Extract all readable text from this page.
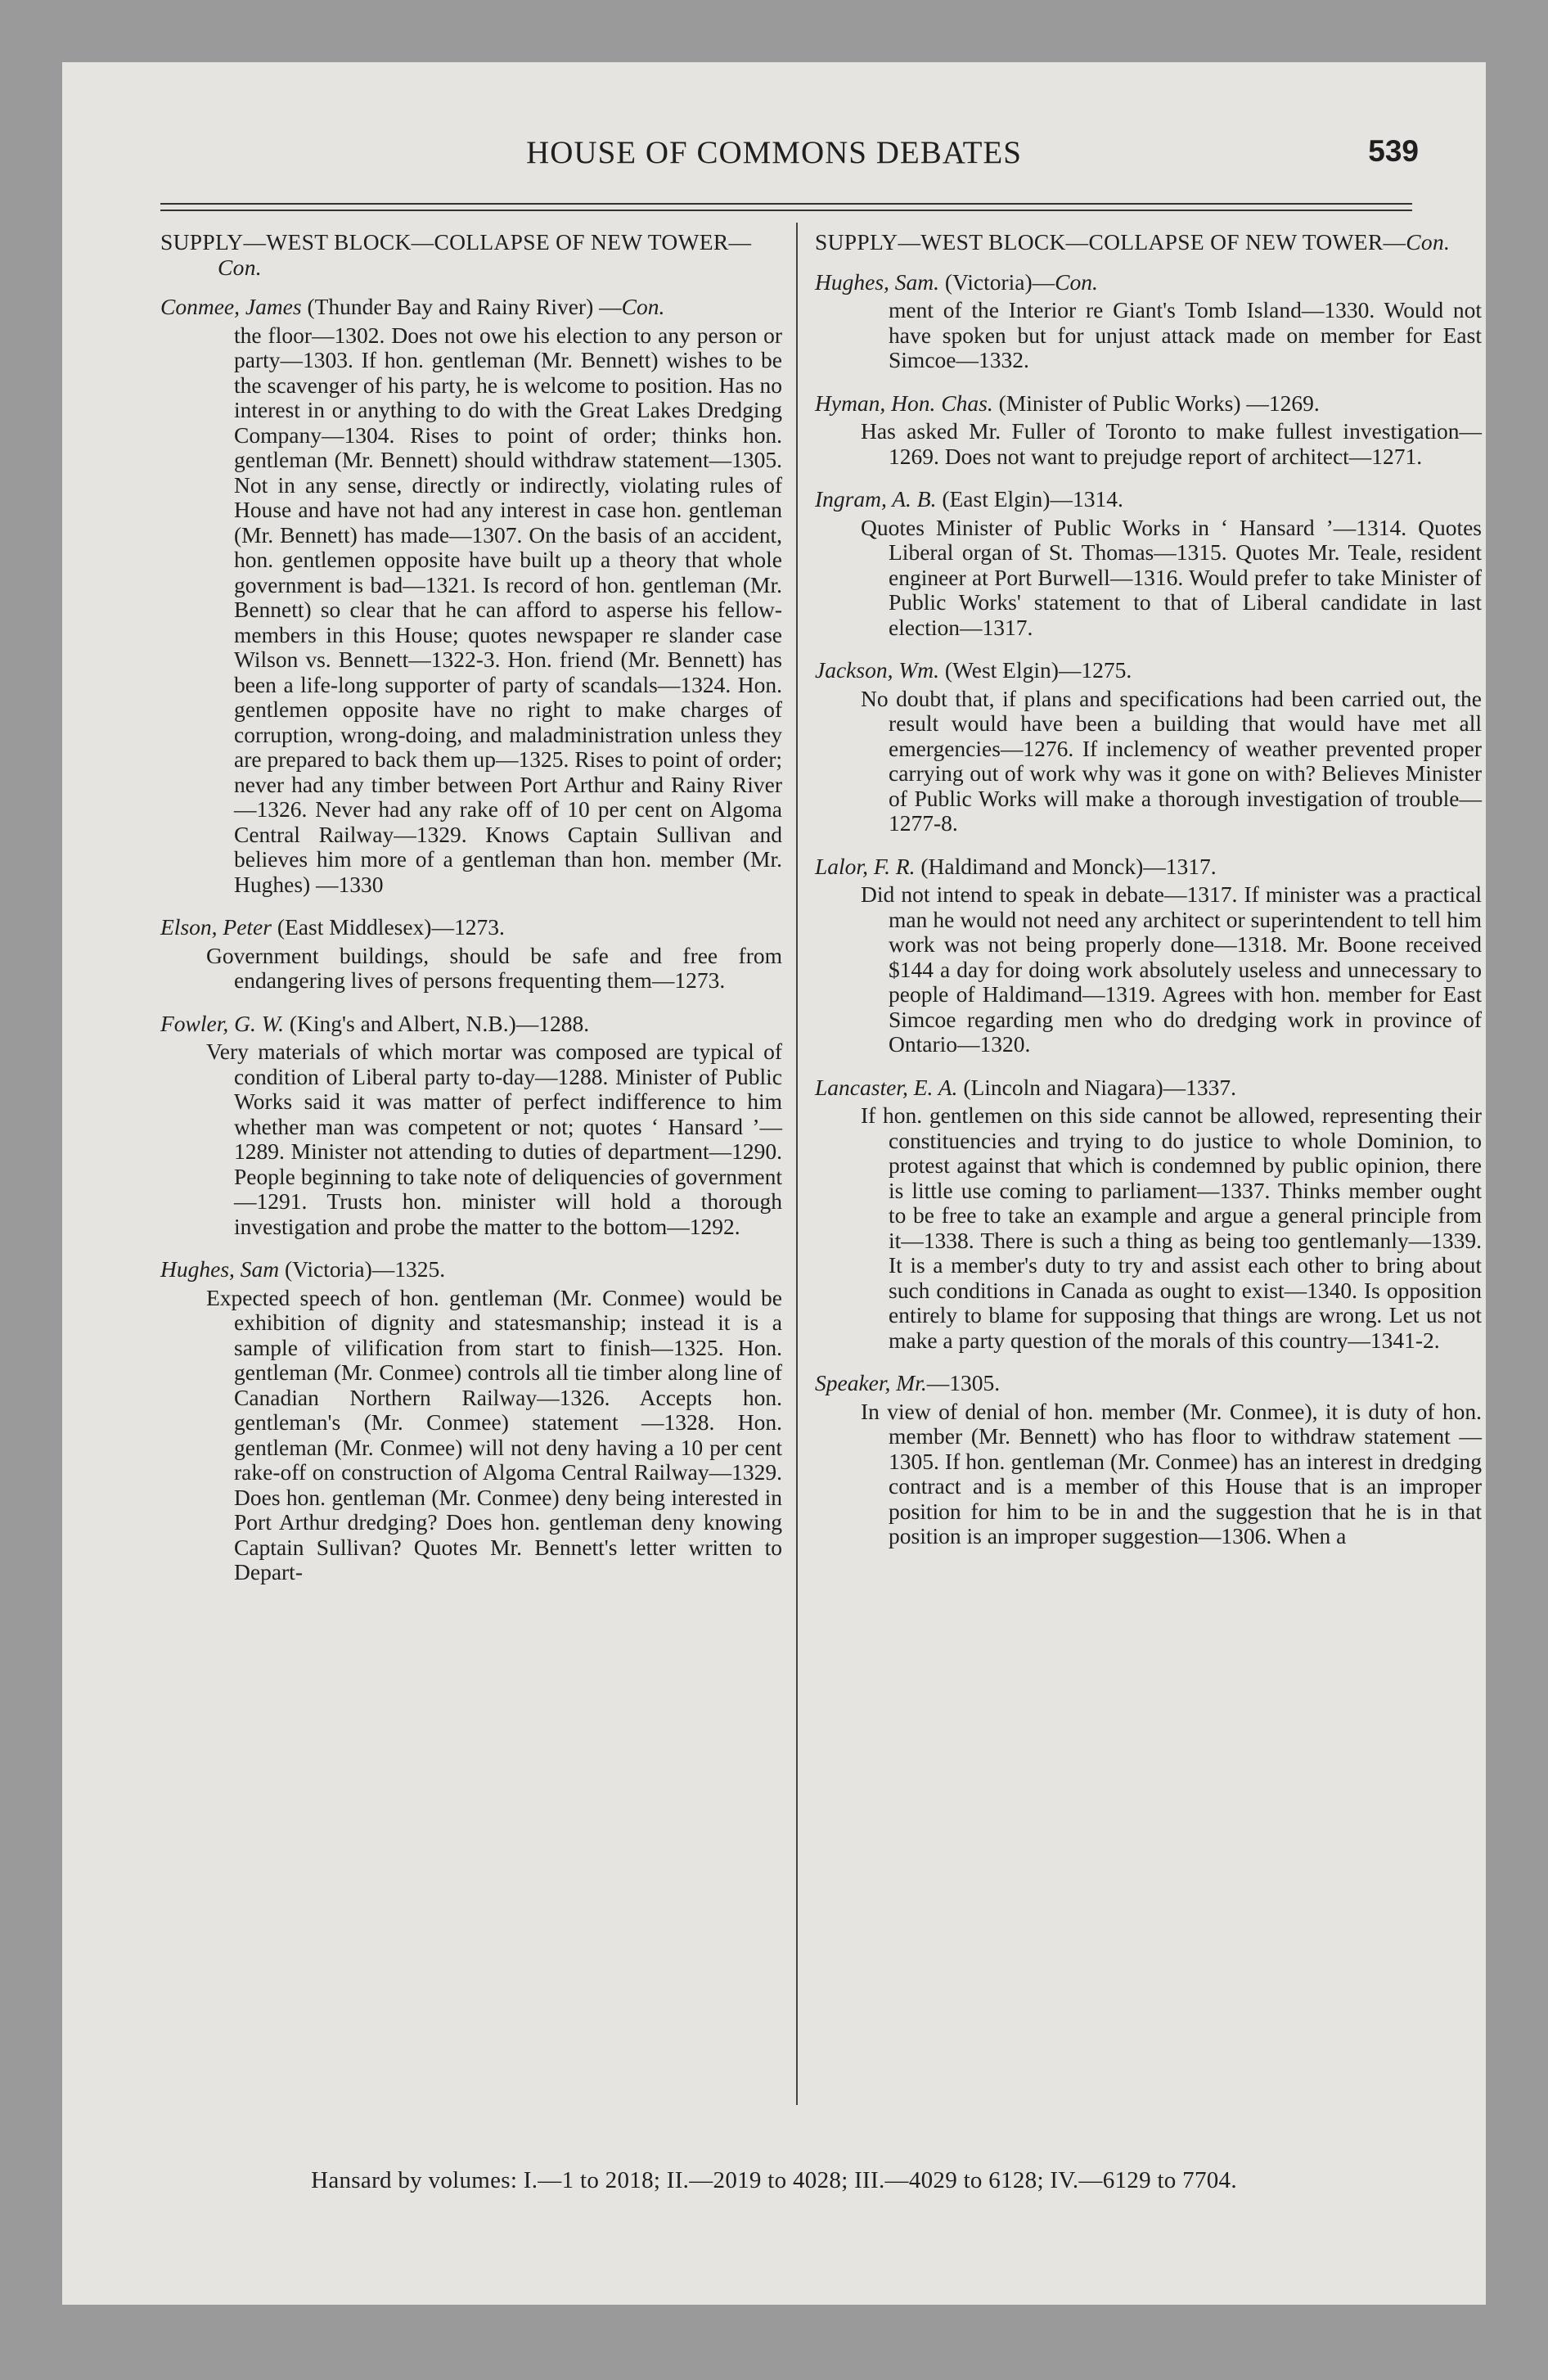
HOUSE OF COMMONS DEBATES	539
SUPPLY—WEST BLOCK—COLLAPSE OF NEW TOWER—Con.
Conmee, James (Thunder Bay and Rainy River) —Con.
the floor—1302. Does not owe his election to any person or party—1303. If hon. gentleman (Mr. Bennett) wishes to be the scavenger of his party, he is welcome to position. Has no interest in or anything to do with the Great Lakes Dredging Company—1304. Rises to point of order; thinks hon. gentleman (Mr. Bennett) should withdraw statement—1305. Not in any sense, directly or indirectly, violating rules of House and have not had any interest in case hon. gentleman (Mr. Bennett) has made—1307. On the basis of an accident, hon. gentlemen opposite have built up a theory that whole government is bad—1321. Is record of hon. gentleman (Mr. Bennett) so clear that he can afford to asperse his fellow-members in this House; quotes newspaper re slander case Wilson vs. Bennett—1322-3. Hon. friend (Mr. Bennett) has been a life-long supporter of party of scandals—1324. Hon. gentlemen opposite have no right to make charges of corruption, wrong-doing, and maladministration unless they are prepared to back them up—1325. Rises to point of order; never had any timber between Port Arthur and Rainy River—1326. Never had any rake off of 10 per cent on Algoma Central Railway—1329. Knows Captain Sullivan and believes him more of a gentleman than hon. member (Mr. Hughes) —1330
Elson, Peter (East Middlesex)—1273.
Government buildings, should be safe and free from endangering lives of persons frequenting them—1273.
Fowler, G. W. (King's and Albert, N.B.)—1288.
Very materials of which mortar was composed are typical of condition of Liberal party to-day—1288. Minister of Public Works said it was matter of perfect indifference to him whether man was competent or not; quotes ‘ Hansard ’—1289. Minister not attending to duties of department—1290. People beginning to take note of deliquencies of government—1291. Trusts hon. minister will hold a thorough investigation and probe the matter to the bottom—1292.
Hughes, Sam (Victoria)—1325.
Expected speech of hon. gentleman (Mr. Conmee) would be exhibition of dignity and statesmanship; instead it is a sample of vilification from start to finish—1325. Hon. gentleman (Mr. Conmee) controls all tie timber along line of Canadian Northern Railway—1326. Accepts hon. gentleman's (Mr. Conmee) statement —1328. Hon. gentleman (Mr. Conmee) will not deny having a 10 per cent rake-off on construction of Algoma Central Railway—1329. Does hon. gentleman (Mr. Conmee) deny being interested in Port Arthur dredging? Does hon. gentleman deny knowing Captain Sullivan? Quotes Mr. Bennett's letter written to Depart-
SUPPLY—WEST BLOCK—COLLAPSE OF NEW TOWER—Con.
Hughes, Sam. (Victoria)—Con.
ment of the Interior re Giant's Tomb Island—1330. Would not have spoken but for unjust attack made on member for East Simcoe—1332.
Hyman, Hon. Chas. (Minister of Public Works) —1269.
Has asked Mr. Fuller of Toronto to make fullest investigation—1269. Does not want to prejudge report of architect—1271.
Ingram, A. B. (East Elgin)—1314.
Quotes Minister of Public Works in ‘ Hansard ’—1314. Quotes Liberal organ of St. Thomas—1315. Quotes Mr. Teale, resident engineer at Port Burwell—1316. Would prefer to take Minister of Public Works' statement to that of Liberal candidate in last election—1317.
Jackson, Wm. (West Elgin)—1275.
No doubt that, if plans and specifications had been carried out, the result would have been a building that would have met all emergencies—1276. If inclemency of weather prevented proper carrying out of work why was it gone on with? Believes Minister of Public Works will make a thorough investigation of trouble—1277-8.
Lalor, F. R. (Haldimand and Monck)—1317.
Did not intend to speak in debate—1317. If minister was a practical man he would not need any architect or superintendent to tell him work was not being properly done—1318. Mr. Boone received $144 a day for doing work absolutely useless and unnecessary to people of Haldimand—1319. Agrees with hon. member for East Simcoe regarding men who do dredging work in province of Ontario—1320.
Lancaster, E. A. (Lincoln and Niagara)—1337.
If hon. gentlemen on this side cannot be allowed, representing their constituencies and trying to do justice to whole Dominion, to protest against that which is condemned by public opinion, there is little use coming to parliament—1337. Thinks member ought to be free to take an example and argue a general principle from it—1338. There is such a thing as being too gentlemanly—1339. It is a member's duty to try and assist each other to bring about such conditions in Canada as ought to exist—1340. Is opposition entirely to blame for supposing that things are wrong. Let us not make a party question of the morals of this country—1341-2.
Speaker, Mr.—1305.
In view of denial of hon. member (Mr. Conmee), it is duty of hon. member (Mr. Bennett) who has floor to withdraw statement —1305. If hon. gentleman (Mr. Conmee) has an interest in dredging contract and is a member of this House that is an improper position for him to be in and the suggestion that he is in that position is an improper suggestion—1306. When a
Hansard by volumes: I.—1 to 2018; II.—2019 to 4028; III.—4029 to 6128; IV.—6129 to 7704.
